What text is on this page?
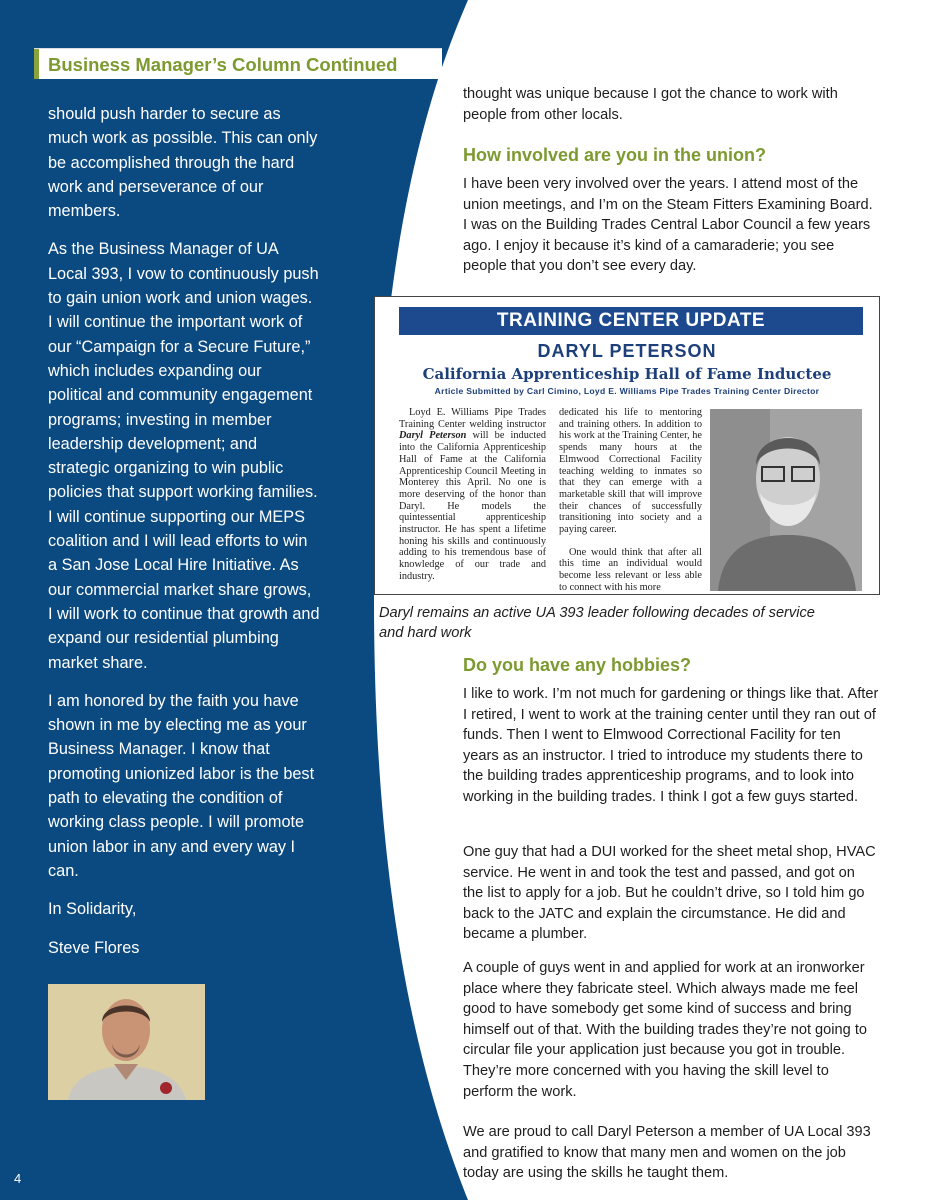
Business Manager’s Column Continued

should push harder to secure as much work as possible. This can only be accomplished through the hard work and perseverance of our members.

As the Business Manager of UA Local 393, I vow to continuously push to gain union work and union wages. I will continue the important work of our “Campaign for a Secure Future,” which includes expanding our political and community engagement programs; investing in member leadership development; and strategic organizing to win public policies that support working families. I will continue supporting our MEPS coalition and I will lead efforts to win a San Jose Local Hire Initiative. As our commercial market share grows, I will work to continue that growth and expand our residential plumbing market share.

I am honored by the faith you have shown in me by electing me as your Business Manager. I know that promoting unionized labor is the best path to elevating the condition of working class people. I will promote union labor in any and every way I can.

In Solidarity,

Steve Flores

4

thought was unique because I got the chance to work with people from other locals.

How involved are you in the union?

I have been very involved over the years. I attend most of the union meetings, and I’m on the Steam Fitters Examining Board. I was on the Building Trades Central Labor Council a few years ago. I enjoy it because it’s kind of a camaraderie; you see people that you don’t see every day.

TRAINING CENTER UPDATE
DARYL PETERSON
California Apprenticeship Hall of Fame Inductee
Article Submitted by Carl Cimino, Loyd E. Williams Pipe Trades Training Center Director

Loyd E. Williams Pipe Trades Training Center welding instructor Daryl Peterson will be inducted into the California Apprenticeship Hall of Fame at the California Apprenticeship Council Meeting in Monterey this April. No one is more deserving of the honor than Daryl. He models the quintessential apprenticeship instructor. He has spent a lifetime honing his skills and continuously adding to his tremendous base of knowledge of our trade and industry.

dedicated his life to mentoring and training others. In addition to his work at the Training Center, he spends many hours at the Elmwood Correctional Facility teaching welding to inmates so that they can emerge with a marketable skill that will improve their chances of successfully transitioning into society and a paying career.

One would think that after all this time an individual would become less relevant or less able to connect with his more

Daryl remains an active UA 393 leader following decades of service and hard work
Do you have any hobbies?

I like to work. I’m not much for gardening or things like that. After I retired, I went to work at the training center until they ran out of funds. Then I went to Elmwood Correctional Facility for ten years as an instructor. I tried to introduce my students there to the building trades apprenticeship programs, and to look into working in the building trades. I think I got a few guys started.

One guy that had a DUI worked for the sheet metal shop, HVAC service. He went in and took the test and passed, and got on the list to apply for a job. But he couldn’t drive, so I told him go back to the JATC and explain the circumstance. He did and became a plumber.

A couple of guys went in and applied for work at an ironworker place where they fabricate steel. Which always made me feel good to have somebody get some kind of success and bring himself out of that. With the building trades they’re not going to circular file your application just because you got in trouble. They’re more concerned with you having the skill level to perform the work.

We are proud to call Daryl Peterson a member of UA Local 393 and gratified to know that many men and women on the job today are using the skills he taught them.
